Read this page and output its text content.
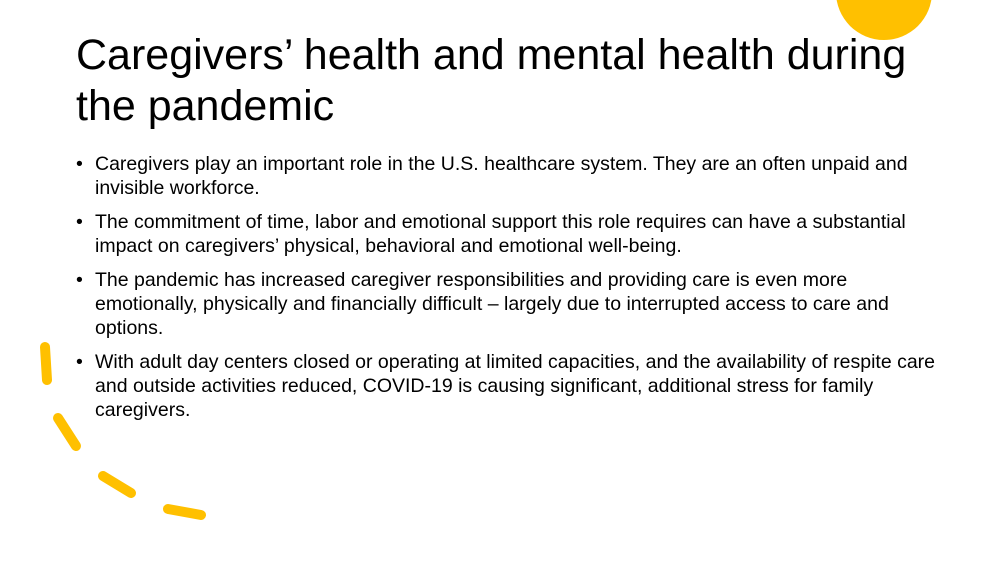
Caregivers’ health and mental health during the pandemic
• Caregivers play an important role in the U.S. healthcare system. They are an often unpaid and invisible workforce.
• The commitment of time, labor and emotional support this role requires can have a substantial impact on caregivers’ physical, behavioral and emotional well-being.
• The pandemic has increased caregiver responsibilities and providing care is even more emotionally, physically and financially difficult – largely due to interrupted access to care and options.
• With adult day centers closed or operating at limited capacities, and the availability of respite care and outside activities reduced, COVID-19 is causing significant, additional stress for family caregivers.
